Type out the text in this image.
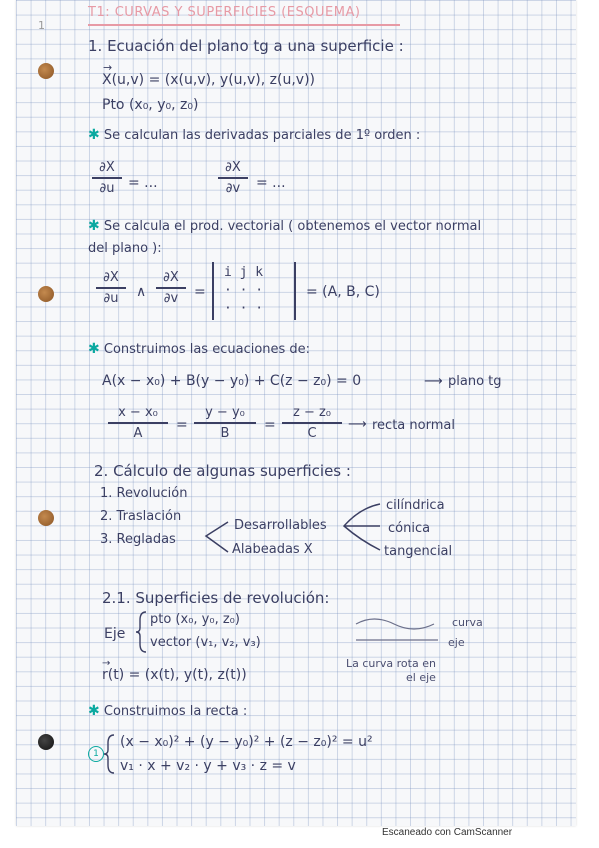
1
T1: CURVAS Y SUPERFICIES (ESQUEMA)
1. Ecuación del plano tg a una superficie :
→
X(u,v) = (x(u,v), y(u,v), z(u,v))
Pto (x₀, y₀, z₀)
✱ Se calculan las derivadas parciales de 1º orden :
∂X
∂u = ...
∂X
∂v	= ...
✱ Se calcula el prod. vectorial ( obtenemos el vector normal
del plano ):
∂X
∂u	∧
∂X
∂v	=
i j k
· · ·
· · ·
= (A, B, C)
✱ Construimos las ecuaciones de:
A(x − x₀) + B(y − y₀) + C(z − z₀) = 0	⟶ plano tg
x − x₀
A	=
y − y₀
B	=
z − z₀
C
⟶ recta normal
2. Cálculo de algunas superficies :
1. Revolución
2. Traslación
3. Regladas
Desarrollables
Alabeadas X
cilíndrica
cónica
tangencial
2.1. Superficies de revolución:
Eje
pto (x₀, y₀, z₀)
vector (v₁, v₂, v₃)
curva
eje
→
r(t) = (x(t), y(t), z(t))
La curva rota en
el eje
✱ Construimos la recta :
1
(x − x₀)² + (y − y₀)² + (z − z₀)² = u²
v₁ · x + v₂ · y + v₃ · z = v
Escaneado con CamScanner
